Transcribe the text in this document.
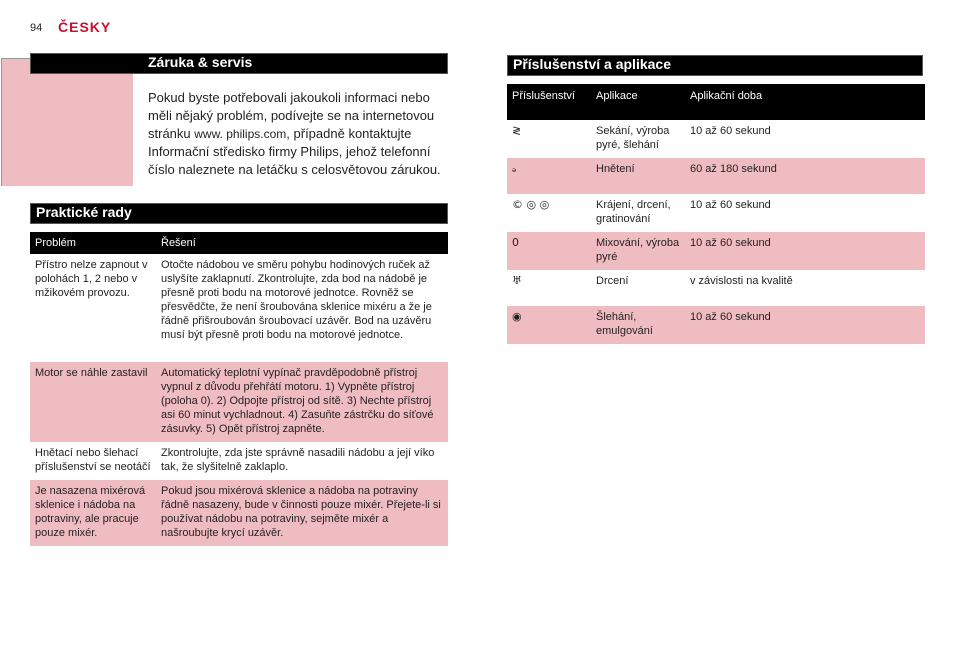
94 ČESKY
Záruka & servis
Pokud byste potřebovali jakoukoli informaci nebo měli nějaký problém, podívejte se na internetovou stránku www. philips.com, případně kontaktujte Informační středisko firmy Philips, jehož telefonní číslo naleznete na letáčku s celosvětovou zárukou.
Praktické rady
Problém	Řešení
Přístro nelze zapnout v polohách 1, 2 nebo v mžikovém provozu.	Otočte nádobou ve směru pohybu hodinových ruček až uslyšíte zaklapnutí. Zkontrolujte, zda bod na nádobě je přesně proti bodu na motorové jednotce. Rovněž se přesvědčte, že není šroubována sklenice mixéru a že je řádně přišroubován šroubovací uzávěr. Bod na uzávěru musí být přesně proti bodu na motorové jednotce.
Motor se náhle zastavil	Automatický teplotní vypínač pravděpodobně přístroj vypnul z důvodu přehřátí motoru. 1) Vypněte přístroj (poloha 0). 2) Odpojte přístroj od sítě. 3) Nechte přístroj asi 60 minut vychladnout. 4) Zasuňte zástrčku do síťové zásuvky. 5) Opět přístroj zapněte.
Hnětací nebo šlehací příslušenství se neotáčí	Zkontrolujte, zda jste správně nasadili nádobu a její víko tak, že slyšitelně zaklaplo.
Je nasazena mixérová sklenice i nádoba na potraviny, ale pracuje pouze mixér.	Pokud jsou mixérová sklenice a nádoba na potraviny řádně nasazeny, bude v činnosti pouze mixér. Přejete-li si používat nádobu na potraviny, sejměte mixér a našroubujte krycí uzávěr.
Příslušenství a aplikace
Příslušenství	Aplikace	Aplikační doba
≷	Sekání, výroba pyré, šlehání	10 až 60 sekund
ₔ	Hnětení	60 až 180 sekund
© ◎ ◎	Krájení, drcení, gratinování	10 až 60 sekund
0	Mixování, výroba pyré	10 až 60 sekund
♅	Drcení	v závislosti na kvalitě
◉	Šlehání, emulgování	10 až 60 sekund
